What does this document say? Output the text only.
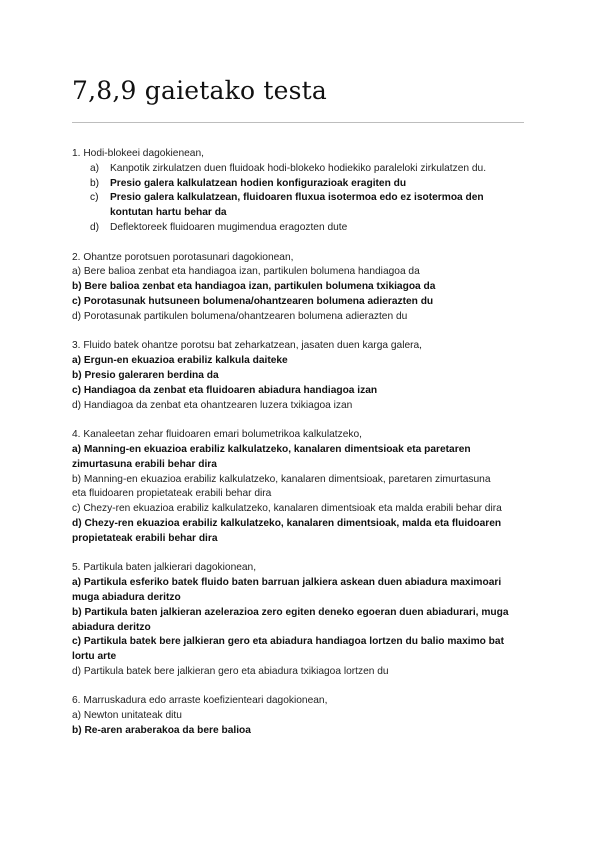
7,8,9 gaietako testa

1. Hodi-blokeei dagokienean,

a)	Kanpotik zirkulatzen duen fluidoak hodi-blokeko hodiekiko paraleloki zirkulatzen du.
b)	Presio galera kalkulatzean hodien konfigurazioak eragiten du
c)	Presio galera kalkulatzean, fluidoaren fluxua isotermoa edo ez isotermoa den kontutan hartu behar da
d)	Deflektoreek fluidoaren mugimendua eragozten dute

2. Ohantze porotsuen porotasunari dagokionean,

a) Bere balioa zenbat eta handiagoa izan, partikulen bolumena handiagoa da

b) Bere balioa zenbat eta handiagoa izan, partikulen bolumena txikiagoa da

c) Porotasunak hutsuneen bolumena/ohantzearen bolumena adierazten du

d) Porotasunak partikulen bolumena/ohantzearen bolumena adierazten du

3. Fluido batek ohantze porotsu bat zeharkatzean, jasaten duen karga galera,

a) Ergun-en ekuazioa erabiliz kalkula daiteke

b) Presio galeraren berdina da

c) Handiagoa da zenbat eta fluidoaren abiadura handiagoa izan

d) Handiagoa da zenbat eta ohantzearen luzera txikiagoa izan

4. Kanaleetan zehar fluidoaren emari bolumetrikoa kalkulatzeko,

a) Manning-en ekuazioa erabiliz kalkulatzeko, kanalaren dimentsioak eta paretaren zimurtasuna erabili behar dira

b) Manning-en ekuazioa erabiliz kalkulatzeko, kanalaren dimentsioak, paretaren zimurtasuna

eta fluidoaren propietateak erabili behar dira

c) Chezy-ren ekuazioa erabiliz kalkulatzeko, kanalaren dimentsioak eta malda erabili behar dira

d) Chezy-ren ekuazioa erabiliz kalkulatzeko, kanalaren dimentsioak, malda eta fluidoaren propietateak erabili behar dira

5. Partikula baten jalkierari dagokionean,

a) Partikula esferiko batek fluido baten barruan jalkiera askean duen abiadura maximoari muga abiadura deritzo

b) Partikula baten jalkieran azelerazioa zero egiten deneko egoeran duen abiadurari, muga abiadura deritzo

c) Partikula batek bere jalkieran gero eta abiadura handiagoa lortzen du balio maximo bat lortu arte

d) Partikula batek bere jalkieran gero eta abiadura txikiagoa lortzen du

6. Marruskadura edo arraste koefizienteari dagokionean,

a) Newton unitateak ditu

b) Re-aren araberakoa da bere balioa
